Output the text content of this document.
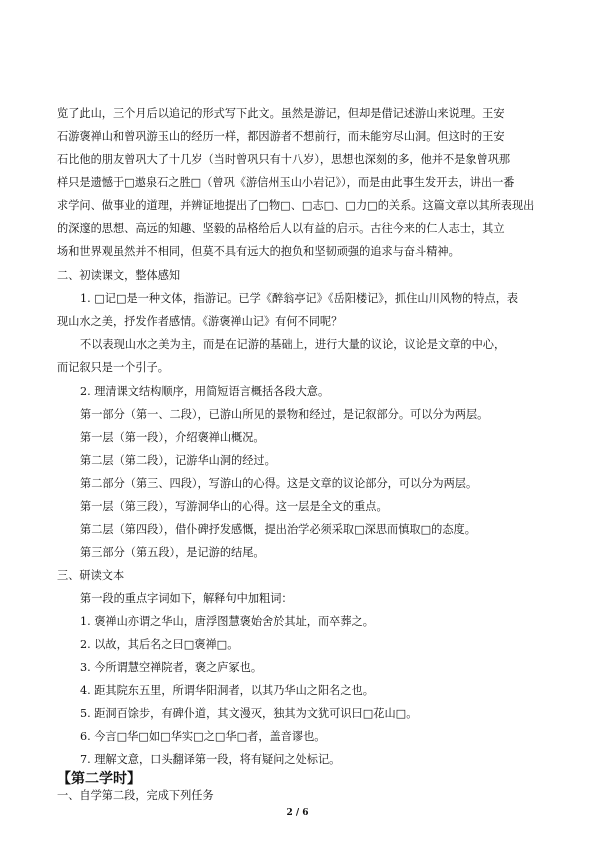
览了此山，三个月后以追记的形式写下此文。虽然是游记，但却是借记述游山来说理。王安
石游褒禅山和曾巩游玉山的经历一样，都因游者不想前行，而未能穷尽山洞。但这时的王安
石比他的朋友曾巩大了十几岁（当时曾巩只有十八岁），思想也深刻的多，他并不是象曾巩那
样只是遗憾于□遨泉石之胜□（曾巩《游信州玉山小岩记》），而是由此事生发开去，讲出一番
求学问、做事业的道理，并辨证地提出了□物□、□志□、□力□的关系。这篇文章以其所表现出
的深邃的思想、高远的知趣、坚毅的品格给后人以有益的启示。古往今来的仁人志士，其立
场和世界观虽然并不相同，但莫不具有远大的抱负和坚韧顽强的追求与奋斗精神。
二、初读课文，整体感知
1. □记□是一种文体，指游记。已学《醉翁亭记》《岳阳楼记》，抓住山川风物的特点，表
现山水之美，抒发作者感情。《游褒禅山记》有何不同呢？
不以表现山水之美为主，而是在记游的基础上，进行大量的议论，议论是文章的中心，
而记叙只是一个引子。
2. 理清课文结构顺序，用简短语言概括各段大意。
第一部分（第一、二段），已游山所见的景物和经过，是记叙部分。可以分为两层。
第一层（第一段），介绍褒禅山概况。
第二层（第二段），记游华山洞的经过。
第二部分（第三、四段），写游山的心得。这是文章的议论部分，可以分为两层。
第一层（第三段），写游洞华山的心得。这一层是全文的重点。
第二层（第四段），借仆碑抒发感慨，提出治学必须采取□深思而慎取□的态度。
第三部分（第五段），是记游的结尾。
三、研读文本
第一段的重点字词如下，解释句中加粗词：
1. 褒禅山亦谓之华山，唐浮图慧褒始舍於其址，而卒葬之。
2. 以故，其后名之曰□褒禅□。
3. 今所谓慧空禅院者，褒之庐冢也。
4. 距其院东五里，所谓华阳洞者，以其乃华山之阳名之也。
5. 距洞百馀步，有碑仆道，其文漫灭，独其为文犹可识曰□花山□。
6. 今言□华□如□华实□之□华□者，盖音谬也。
7. 理解文意，口头翻译第一段，将有疑问之处标记。
【第二学时】
一、自学第二段，完成下列任务
2 / 6
